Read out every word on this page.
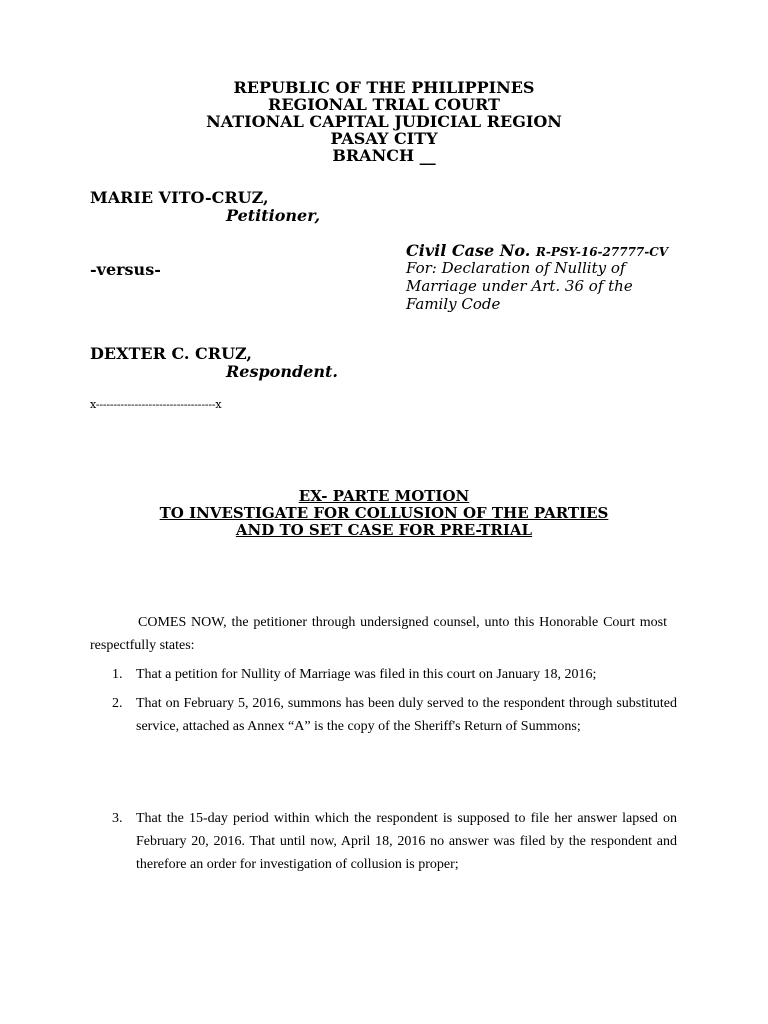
REPUBLIC OF THE PHILIPPINES
REGIONAL TRIAL COURT
NATIONAL CAPITAL JUDICIAL REGION
PASAY CITY
BRANCH __
MARIE VITO-CRUZ,
Petitioner,
Civil Case No. R-PSY-16-27777-CV
-versus-	For: Declaration of Nullity of
Marriage under Art. 36 of the
Family Code
DEXTER C. CRUZ,
Respondent.
x----------------------------------x
EX- PARTE MOTION
TO INVESTIGATE FOR COLLUSION OF THE PARTIES
AND TO SET CASE FOR PRE-TRIAL
COMES NOW, the petitioner through undersigned counsel, unto this Honorable Court most respectfully states:
1. That a petition for Nullity of Marriage was filed in this court on January 18, 2016;
2. That on February 5, 2016, summons has been duly served to the respondent through substituted service, attached as Annex “A” is the copy of the Sheriff's Return of Summons;
3. That the 15-day period within which the respondent is supposed to file her answer lapsed on February 20, 2016. That until now, April 18, 2016 no answer was filed by the respondent and therefore an order for investigation of collusion is proper;
